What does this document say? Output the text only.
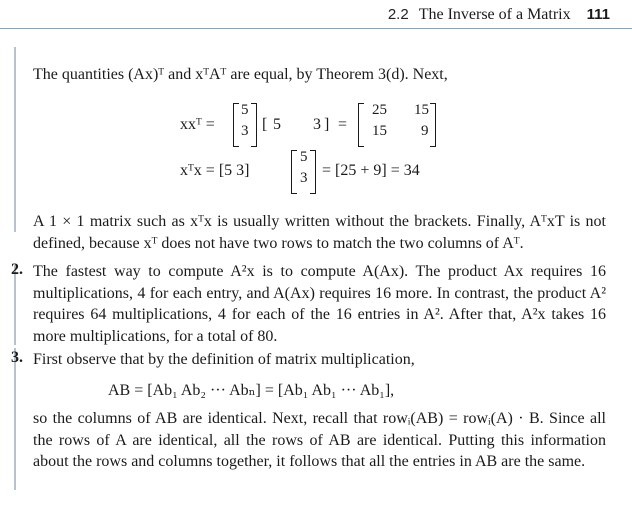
2.2 The Inverse of a Matrix 111
The quantities (Ax)ᵀ and xᵀAᵀ are equal, by Theorem 3(d). Next,
xxᵀ =
5
3 [ 5 3 ] =
25 15
15 9
xᵀx = [5 3]
5
3 = [25 + 9] = 34
A 1 × 1 matrix such as xᵀx is usually written without the brackets. Finally, AᵀxT is not defined, because xᵀ does not have two rows to match the two columns of Aᵀ.
2. The fastest way to compute A²x is to compute A(Ax). The product Ax requires 16 multiplications, 4 for each entry, and A(Ax) requires 16 more. In contrast, the product A² requires 64 multiplications, 4 for each of the 16 entries in A². After that, A²x takes 16 more multiplications, for a total of 80.
3. First observe that by the definition of matrix multiplication,
AB = [Ab₁ Ab₂ ··· Abₙ] = [Ab₁ Ab₁ ··· Ab₁],
so the columns of AB are identical. Next, recall that rowᵢ(AB) = rowᵢ(A) · B. Since all the rows of A are identical, all the rows of AB are identical. Putting this information about the rows and columns together, it follows that all the entries in AB are the same.
